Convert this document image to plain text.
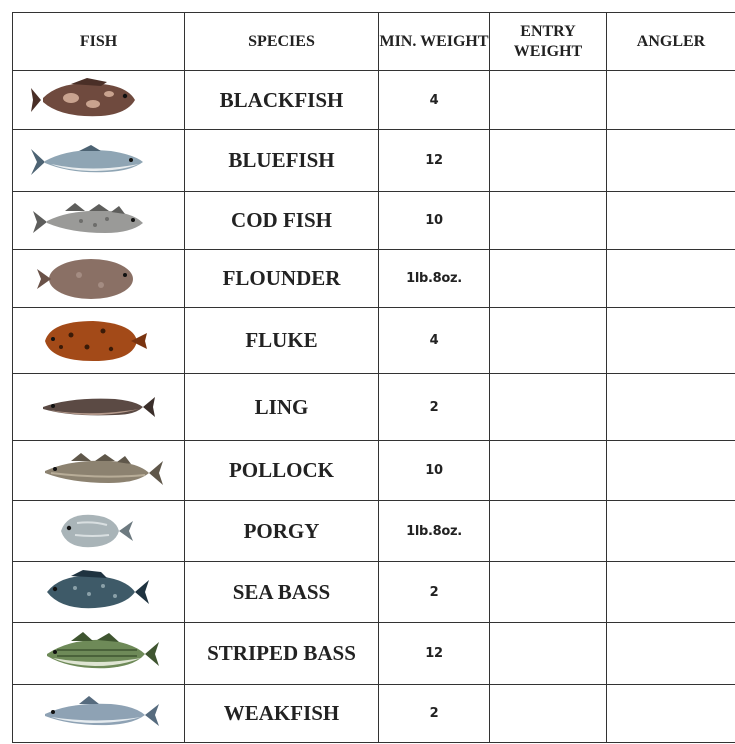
FISH	SPECIES	MIN. WEIGHT	ENTRY WEIGHT	ANGLER

	BLACKFISH	4		

	BLUEFISH	12		

	COD FISH	10		

	FLOUNDER	1lb.8oz.		

	FLUKE	4		

	LING	2		

	POLLOCK	10		

	PORGY	1lb.8oz.		

	SEA BASS	2		

	STRIPED BASS	12		

	WEAKFISH	2		
